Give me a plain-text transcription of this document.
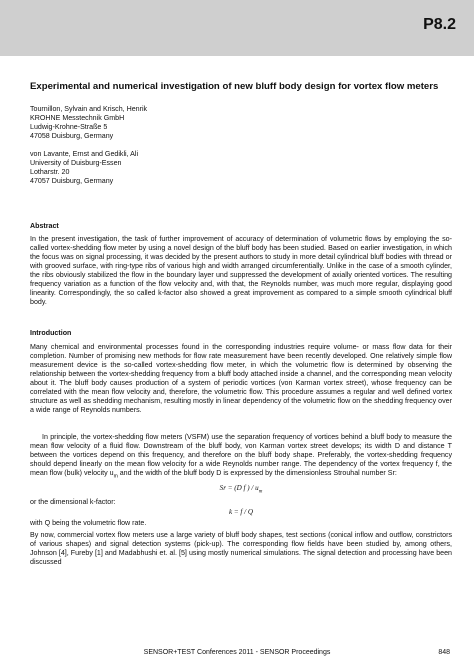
P8.2

Experimental and numerical investigation of new bluff body design for vortex flow meters

Tournillon, Sylvain and Krisch, Henrik
KROHNE Messtechnik GmbH
Ludwig-Krohne-Straße 5
47058 Duisburg, Germany
von Lavante, Ernst and Gedikli, Ali
University of Duisburg-Essen
Lotharstr. 20
47057 Duisburg, Germany

Abstract

In the present investigation, the task of further improvement of accuracy of determination of volumetric flows by employing the so-called vortex-shedding flow meter by using a novel design of the bluff body has been studied. Based on earlier investigation, in which the focus was on signal processing, it was decided by the present authors to study in more detail cylindrical bluff bodies with thread or with grooved surface, with ring-type ribs of various high and width arranged circumferentially. Unlike in the case of a smooth cylinder, the ribs obviously stabilized the flow in the boundary layer und suppressed the development of axially oriented vortices. The resulting frequency variation as a function of the flow velocity and, with that, the Reynolds number, was much more regular, displaying good linearity. Correspondingly, the so called k-factor also showed a great improvement as compared to a simple smooth cylindrical bluff body.

Introduction

Many chemical and environmental processes found in the corresponding industries require volume- or mass flow data for their completion. Number of promising new methods for flow rate measurement have been recently developed. One relatively simple flow measurement device is the so-called vortex-shedding flow meter, in which the volumetric flow is determined by observing the relationship between the vortex-shedding frequency from a bluff body attached inside a channel, and the corresponding mean velocity about it. The bluff body causes production of a system of periodic vortices (von Karman vortex street), whose frequency can be correlated with the mean flow velocity and, therefore, the volumetric flow. This procedure assumes a regular and well defined vortex structure as well as shedding mechanism, resulting mostly in linear dependency of the volumetric flow on the shedding frequency over a wide range of Reynolds numbers.

In principle, the vortex-shedding flow meters (VSFM) use the separation frequency of vortices behind a bluff body to measure the mean flow velocity of a fluid flow. Downstream of the bluff body, von Karman vortex street develops; its width D and distance T between the vortices depend on this frequency, and therefore on the bluff body shape. Preferably, the vortex-shedding frequency should depend linearly on the mean flow velocity for a wide Reynolds number range. The dependency of the vortex frequency f, the mean flow (bulk) velocity $u_m$ and the width of the bluff body D is expressed by the dimensionless Strouhal number Sr:

Sr = (D f ) / $u_m$

or the dimensional k-factor:

k = f / Q

with Q being the volumetric flow rate.

By now, commercial vortex flow meters use a large variety of bluff body shapes, test sections (conical inflow and outflow, constrictors of various shapes) and signal detection systems (pick-up). The corresponding flow fields have been studied by, among others, Johnson [4], Fureby [1] and Madabhushi et. al. [5] using mostly numerical simulations. The signal detection and processing have been discussed

SENSOR+TEST Conferences 2011 - SENSOR Proceedings	848
